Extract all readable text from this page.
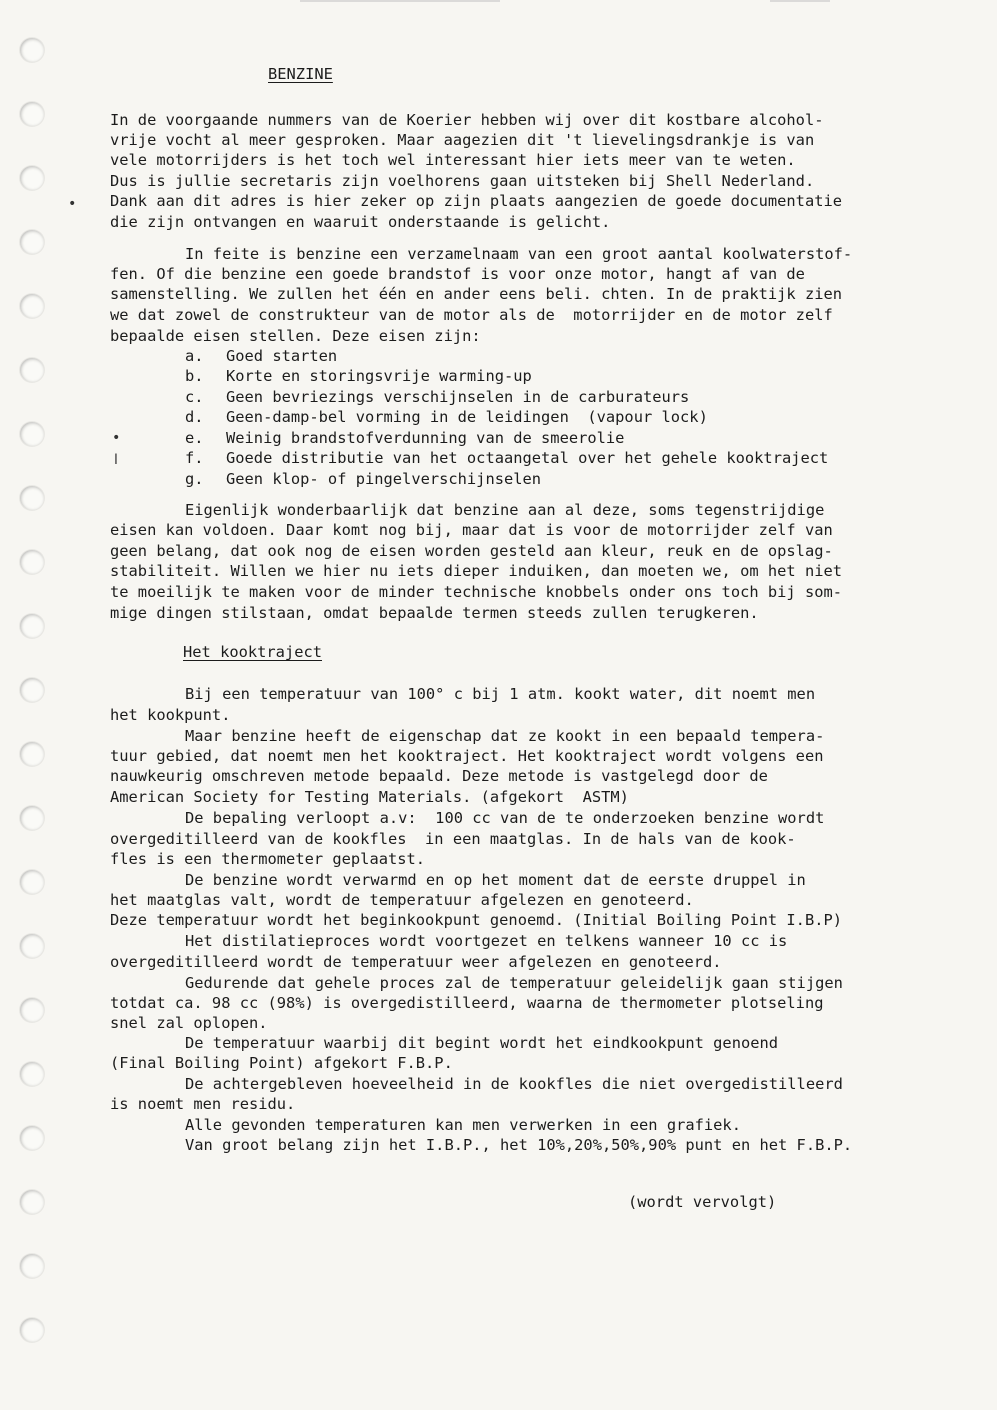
BENZINE
In de voorgaande nummers van de Koerier hebben wij over dit kostbare alcohol-
vrije vocht al meer gesproken. Maar aagezien dit 't lievelingsdrankje is van
vele motorrijders is het toch wel interessant hier iets meer van te weten.
Dus is jullie secretaris zijn voelhorens gaan uitsteken bij Shell Nederland.
Dank aan dit adres is hier zeker op zijn plaats aangezien de goede documentatie
die zijn ontvangen en waaruit onderstaande is gelicht.
In feite is benzine een verzamelnaam van een groot aantal koolwaterstof-
fen. Of die benzine een goede brandstof is voor onze motor, hangt af van de
samenstelling. We zullen het één en ander eens beli. chten. In de praktijk zien
we dat zowel de construkteur van de motor als de  motorrijder en de motor zelf
bepaalde eisen stellen. Deze eisen zijn:
a. Goed starten
b. Korte en storingsvrije warming-up
c. Geen bevriezings verschijnselen in de carburateurs
d. Geen-damp-bel vorming in de leidingen  (vapour lock)
e. Weinig brandstofverdunning van de smeerolie
f. Goede distributie van het octaangetal over het gehele kooktraject
g. Geen klop- of pingelverschijnselen
Eigenlijk wonderbaarlijk dat benzine aan al deze, soms tegenstrijdige
eisen kan voldoen. Daar komt nog bij, maar dat is voor de motorrijder zelf van
geen belang, dat ook nog de eisen worden gesteld aan kleur, reuk en de opslag-
stabiliteit. Willen we hier nu iets dieper induiken, dan moeten we, om het niet
te moeilijk te maken voor de minder technische knobbels onder ons toch bij som-
mige dingen stilstaan, omdat bepaalde termen steeds zullen terugkeren.
Het kooktraject
Bij een temperatuur van 100° c bij 1 atm. kookt water, dit noemt men
het kookpunt.
Maar benzine heeft de eigenschap dat ze kookt in een bepaald tempera-
tuur gebied, dat noemt men het kooktraject. Het kooktraject wordt volgens een
nauwkeurig omschreven metode bepaald. Deze metode is vastgelegd door de
American Society for Testing Materials. (afgekort  ASTM)
De bepaling verloopt a.v:  100 cc van de te onderzoeken benzine wordt
overgeditilleerd van de kookfles  in een maatglas. In de hals van de kook-
fles is een thermometer geplaatst.
De benzine wordt verwarmd en op het moment dat de eerste druppel in
het maatglas valt, wordt de temperatuur afgelezen en genoteerd.
Deze temperatuur wordt het beginkookpunt genoemd. (Initial Boiling Point I.B.P)
Het distilatieproces wordt voortgezet en telkens wanneer 10 cc is
overgeditilleerd wordt de temperatuur weer afgelezen en genoteerd.
Gedurende dat gehele proces zal de temperatuur geleidelijk gaan stijgen
totdat ca. 98 cc (98%) is overgedistilleerd, waarna de thermometer plotseling
snel zal oplopen.
De temperatuur waarbij dit begint wordt het eindkookpunt genoend
(Final Boiling Point) afgekort F.B.P.
De achtergebleven hoeveelheid in de kookfles die niet overgedistilleerd
is noemt men residu.
Alle gevonden temperaturen kan men verwerken in een grafiek.
Van groot belang zijn het I.B.P., het 10%,20%,50%,90% punt en het F.B.P.
(wordt vervolgt)
•
•
ⅼ
